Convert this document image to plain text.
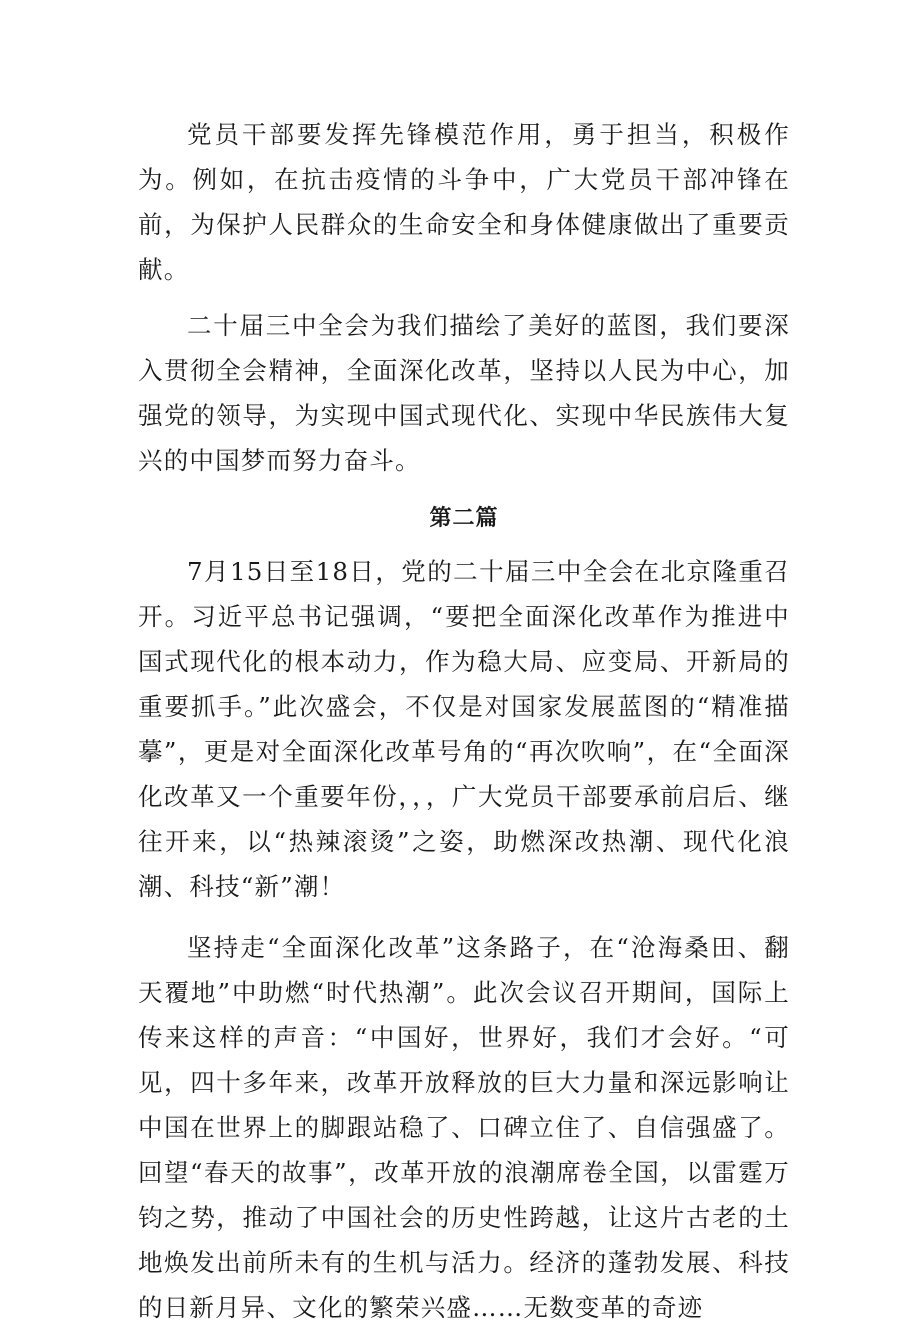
党员干部要发挥先锋模范作用，勇于担当，积极作为。例如，在抗击疫情的斗争中，广大党员干部冲锋在前，为保护人民群众的生命安全和身体健康做出了重要贡献。

二十届三中全会为我们描绘了美好的蓝图，我们要深入贯彻全会精神，全面深化改革，坚持以人民为中心，加强党的领导，为实现中国式现代化、实现中华民族伟大复兴的中国梦而努力奋斗。

第二篇

7月15日至18日，党的二十届三中全会在北京隆重召开。习近平总书记强调，“要把全面深化改革作为推进中国式现代化的根本动力，作为稳大局、应变局、开新局的重要抓手。”此次盛会，不仅是对国家发展蓝图的“精准描摹”，更是对全面深化改革号角的“再次吹响”，在“全面深化改革又一个重要年份，，，广大党员干部要承前启后、继往开来，以“热辣滚烫”之姿，助燃深改热潮、现代化浪潮、科技“新”潮！

坚持走“全面深化改革”这条路子，在“沧海桑田、翻天覆地”中助燃“时代热潮”。此次会议召开期间，国际上传来这样的声音：“中国好，世界好，我们才会好。“可见，四十多年来，改革开放释放的巨大力量和深远影响让中国在世界上的脚跟站稳了、口碑立住了、自信强盛了。回望“春天的故事”，改革开放的浪潮席卷全国，以雷霆万钧之势，推动了中国社会的历史性跨越，让这片古老的土地焕发出前所未有的生机与活力。经济的蓬勃发展、科技的日新月异、文化的繁荣兴盛……无数变革的奇迹
